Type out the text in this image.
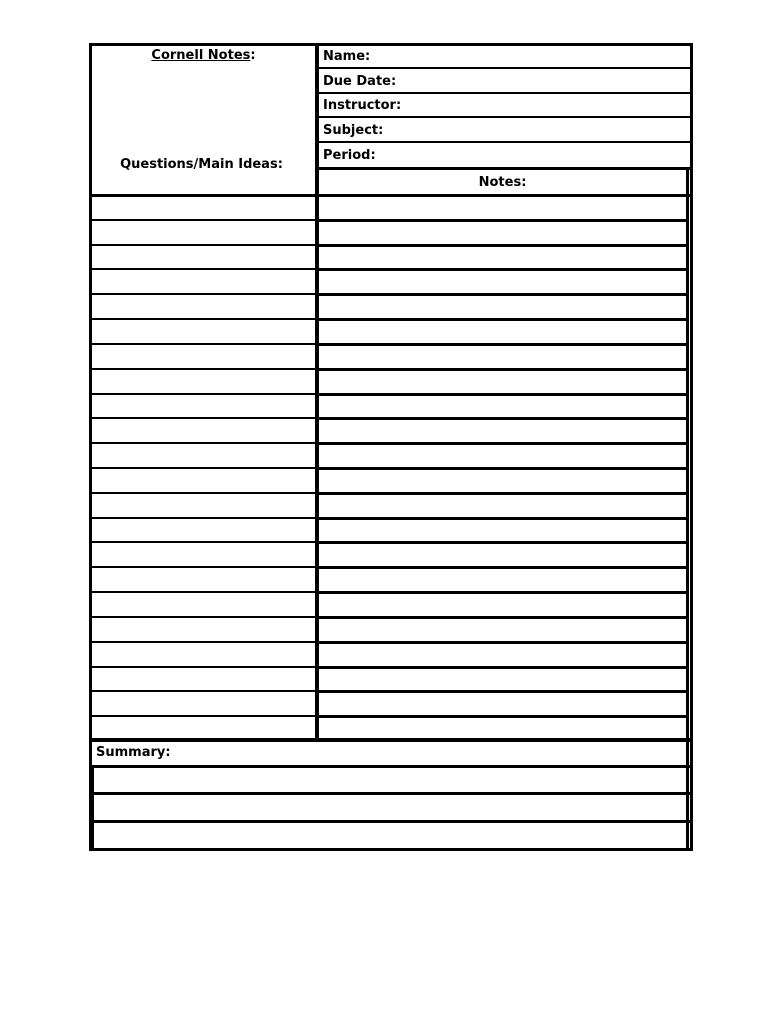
Cornell Notes:
Questions/Main Ideas:
Name:
Due Date:
Instructor:
Subject:
Period:
Notes:
Summary:
